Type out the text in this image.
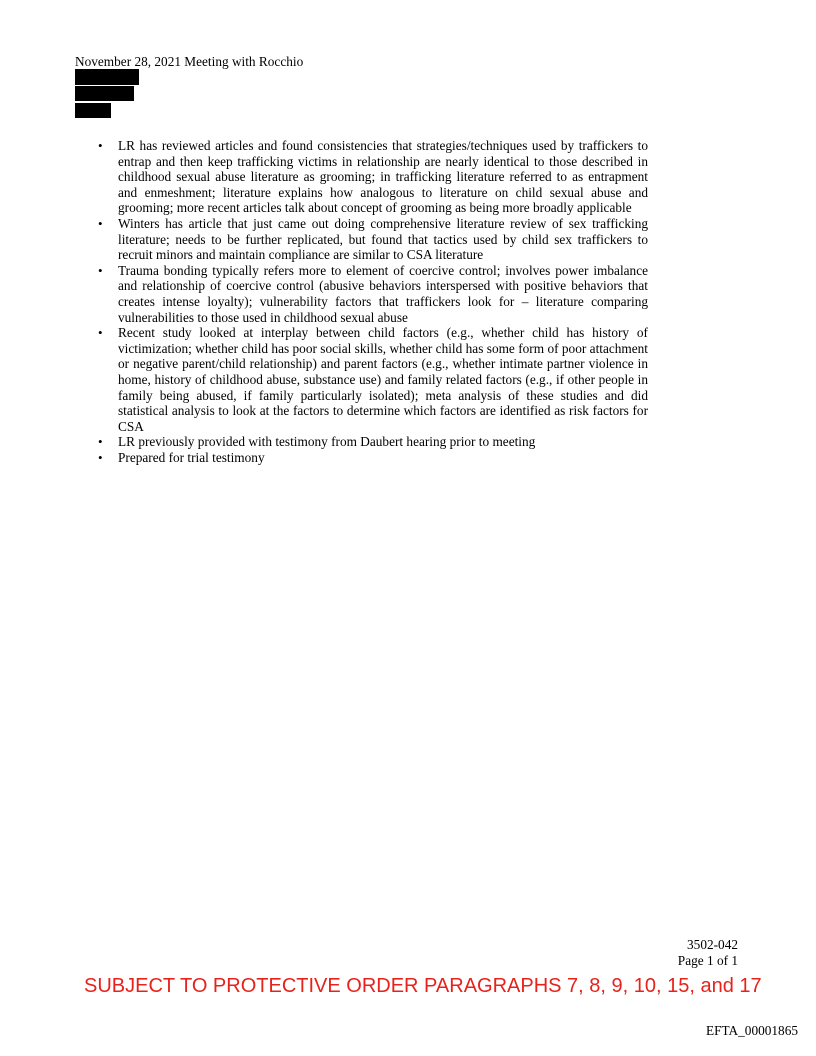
November 28, 2021 Meeting with Rocchio
• LR has reviewed articles and found consistencies that strategies/techniques used by traffickers to entrap and then keep trafficking victims in relationship are nearly identical to those described in childhood sexual abuse literature as grooming; in trafficking literature referred to as entrapment and enmeshment; literature explains how analogous to literature on child sexual abuse and grooming; more recent articles talk about concept of grooming as being more broadly applicable
• Winters has article that just came out doing comprehensive literature review of sex trafficking literature; needs to be further replicated, but found that tactics used by child sex traffickers to recruit minors and maintain compliance are similar to CSA literature
• Trauma bonding typically refers more to element of coercive control; involves power imbalance and relationship of coercive control (abusive behaviors interspersed with positive behaviors that creates intense loyalty); vulnerability factors that traffickers look for – literature comparing vulnerabilities to those used in childhood sexual abuse
• Recent study looked at interplay between child factors (e.g., whether child has history of victimization; whether child has poor social skills, whether child has some form of poor attachment or negative parent/child relationship) and parent factors (e.g., whether intimate partner violence in home, history of childhood abuse, substance use) and family related factors (e.g., if other people in family being abused, if family particularly isolated); meta analysis of these studies and did statistical analysis to look at the factors to determine which factors are identified as risk factors for CSA
• LR previously provided with testimony from Daubert hearing prior to meeting
• Prepared for trial testimony
3502-042
Page 1 of 1
SUBJECT TO PROTECTIVE ORDER PARAGRAPHS 7, 8, 9, 10, 15, and 17
EFTA_00001865
